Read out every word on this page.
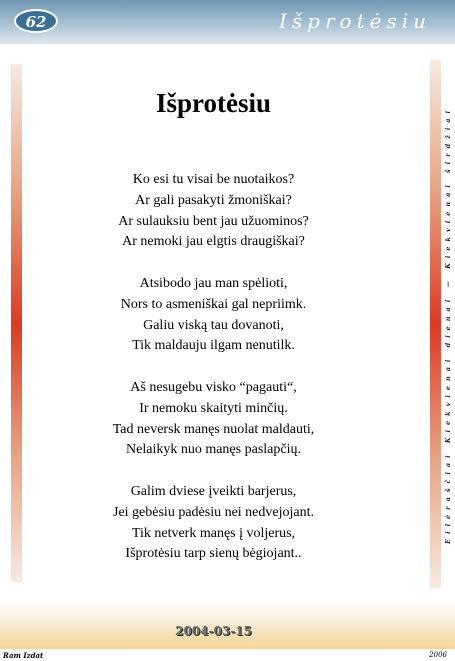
62	Išprotėsiu
Eilėraščiai Kiekvienai dienai — Kiekvienai širdžiai
Išprotėsiu
Ko esi tu visai be nuotaikos?
Ar gali pasakyti žmoniškai?
Ar sulauksiu bent jau užuominos?
Ar nemoki jau elgtis draugiškai?
Atsibodo jau man spėlioti,
Nors to asmeniškai gal nepriimk.
Galiu viską tau dovanoti,
Tik maldauju ilgam nenutilk.
Aš nesugebu visko “pagauti“,
Ir nemoku skaityti minčių.
Tad neversk manęs nuolat maldauti,
Nelaikyk nuo manęs paslapčių.
Galim dviese įveikti barjerus,
Jei gebėsiu padėsiu nei nedvejojant.
Tik netverk manęs į voljerus,
Išprotėsiu tarp sienų bėgiojant..
2004-03-15
Ram Izdat	2006
